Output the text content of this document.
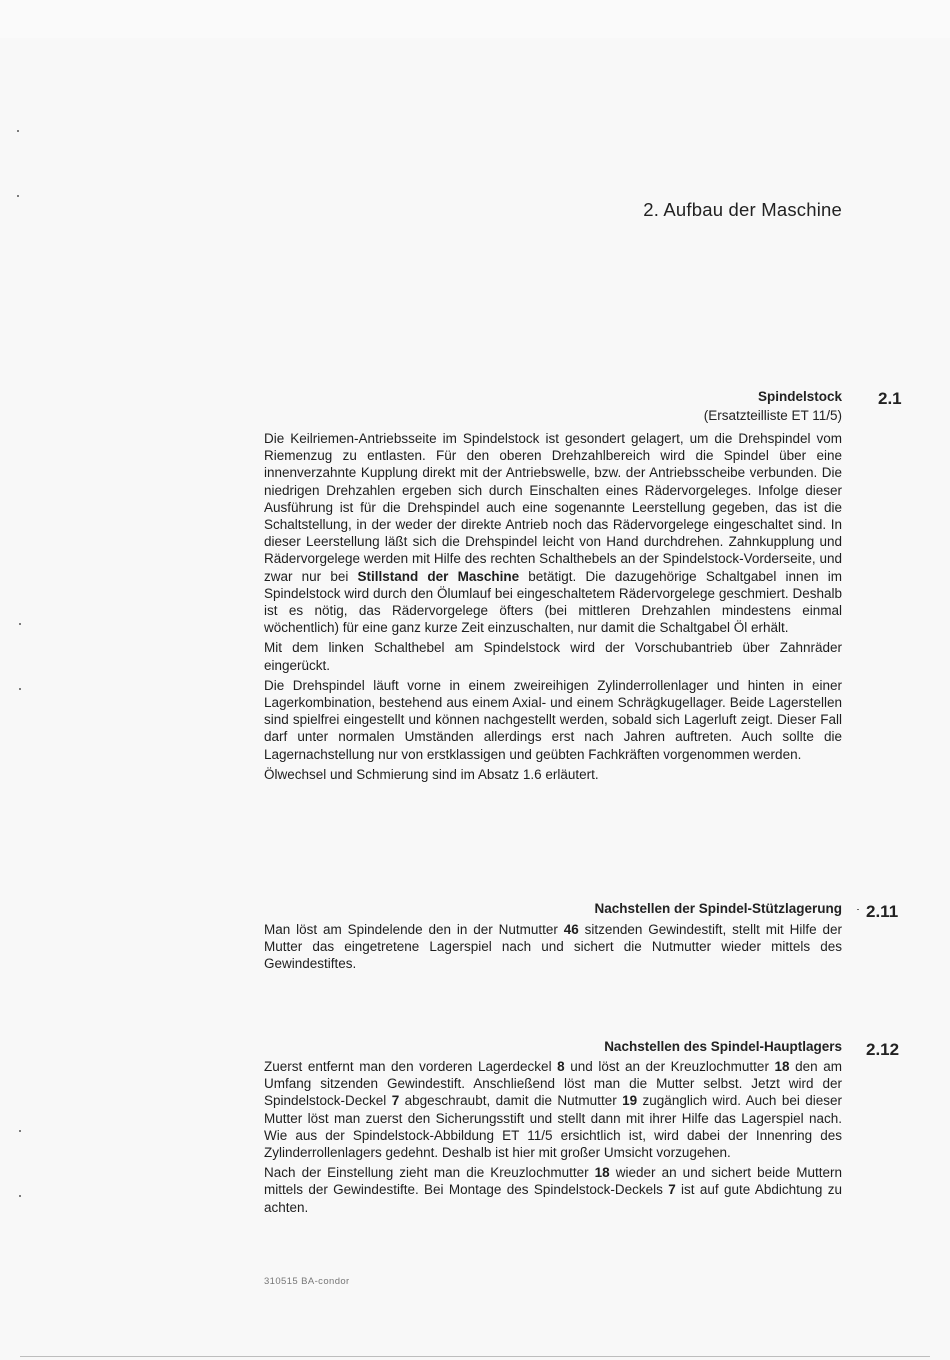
2. Aufbau der Maschine
Spindelstock 2.1
(Ersatzteilliste ET 11/5)

Die Keilriemen-Antriebsseite im Spindelstock ist gesondert gelagert, um die Drehspindel vom Riemenzug zu entlasten. Für den oberen Drehzahlbereich wird die Spindel über eine innenverzahnte Kupplung direkt mit der Antriebswelle, bzw. der Antriebsscheibe verbunden. Die niedrigen Drehzahlen ergeben sich durch Einschalten eines Rädervorgeleges. Infolge dieser Ausführung ist für die Drehspindel auch eine sogenannte Leerstellung gegeben, das ist die Schaltstellung, in der weder der direkte Antrieb noch das Rädervorgelege eingeschaltet sind. In dieser Leerstellung läßt sich die Drehspindel leicht von Hand durchdrehen. Zahnkupplung und Rädervorgelege werden mit Hilfe des rechten Schalthebels an der Spindelstock-Vorderseite, und zwar nur bei Stillstand der Maschine betätigt. Die dazugehörige Schaltgabel innen im Spindelstock wird durch den Ölumlauf bei eingeschaltetem Rädervorgelege geschmiert. Deshalb ist es nötig, das Rädervorgelege öfters (bei mittleren Drehzahlen mindestens einmal wöchentlich) für eine ganz kurze Zeit einzuschalten, nur damit die Schaltgabel Öl erhält.

Mit dem linken Schalthebel am Spindelstock wird der Vorschubantrieb über Zahnräder eingerückt.

Die Drehspindel läuft vorne in einem zweireihigen Zylinderrollenlager und hinten in einer Lagerkombination, bestehend aus einem Axial- und einem Schrägkugellager. Beide Lagerstellen sind spielfrei eingestellt und können nachgestellt werden, sobald sich Lagerluft zeigt. Dieser Fall darf unter normalen Umständen allerdings erst nach Jahren auftreten. Auch sollte die Lagernachstellung nur von erstklassigen und geübten Fachkräften vorgenommen werden.

Ölwechsel und Schmierung sind im Absatz 1.6 erläutert.

Nachstellen der Spindel-Stützlagerung 2.11

Man löst am Spindelende den in der Nutmutter 46 sitzenden Gewindestift, stellt mit Hilfe der Mutter das eingetretene Lagerspiel nach und sichert die Nutmutter wieder mittels des Gewindestiftes.

Nachstellen des Spindel-Hauptlagers 2.12

Zuerst entfernt man den vorderen Lagerdeckel 8 und löst an der Kreuzlochmutter 18 den am Umfang sitzenden Gewindestift. Anschließend löst man die Mutter selbst. Jetzt wird der Spindelstock-Deckel 7 abgeschraubt, damit die Nutmutter 19 zugänglich wird. Auch bei dieser Mutter löst man zuerst den Sicherungsstift und stellt dann mit ihrer Hilfe das Lagerspiel nach. Wie aus der Spindelstock-Abbildung ET 11/5 ersichtlich ist, wird dabei der Innenring des Zylinderrollenlagers gedehnt. Deshalb ist hier mit großer Umsicht vorzugehen.

Nach der Einstellung zieht man die Kreuzlochmutter 18 wieder an und sichert beide Muttern mittels der Gewindestifte. Bei Montage des Spindelstock-Deckels 7 ist auf gute Abdichtung zu achten.

310515 BA-condor
